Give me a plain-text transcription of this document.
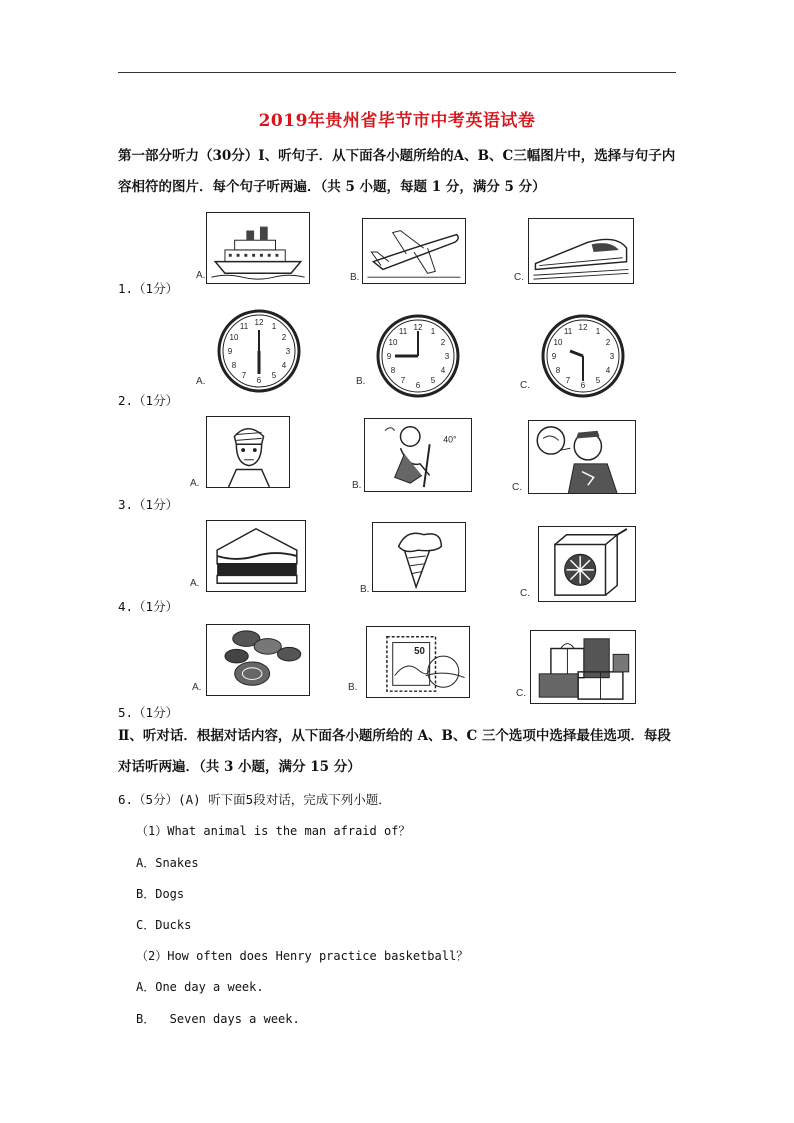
2019年贵州省毕节市中考英语试卷
第一部分听力（30分）Ⅰ、听句子．从下面各小题所给的A、B、C三幅图片中，选择与句子内容相符的图片．每个句子听两遍．（共 5 小题，每题 1 分，满分 5 分）
A.	B.	C.
1.（1分）
12 1
2
3
4
5
6
7
8
9
10
11
A.
12 1
2
3
4
5
6
7
8
9
10
11
B.
12 1
2
3
4
5
6
7
8
9
10
11
C.
2.（1分）
A.
40°
B.	C.
3.（1分）
A.
B.	C.
4.（1分）
A.
50
B.
C.
5.（1分）
Ⅱ、听对话．根据对话内容，从下面各小题所给的 A、B、C 三个选项中选择最佳选项．每段对话听两遍．（共 3 小题，满分 15 分）
6.（5分）(A) 听下面5段对话，完成下列小题．
（1）What animal is the man afraid of？
A．Snakes
B．Dogs
C．Ducks
（2）How often does Henry practice basketball？
A．One day a week.
B．  Seven days a week.
